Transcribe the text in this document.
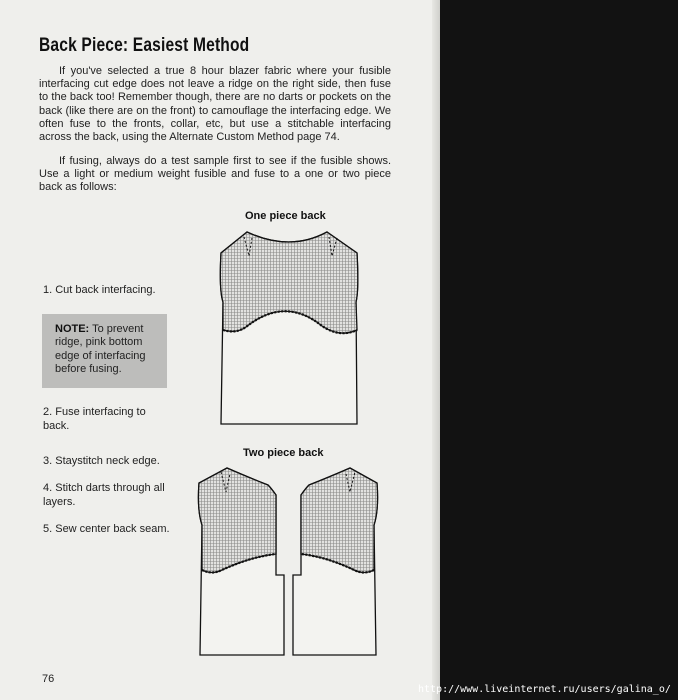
Back Piece: Easiest Method

If you've selected a true 8 hour blazer fabric where your fusible interfacing cut edge does not leave a ridge on the right side, then fuse to the back too! Remember though, there are no darts or pockets on the back (like there are on the front) to camouflage the interfacing edge. We often fuse to the fronts, collar, etc, but use a stitchable interfacing across the back, using the Alternate Custom Method page 74.

If fusing, always do a test sample first to see if the fusible shows. Use a light or medium weight fusible and fuse to a one or two piece back as follows:

One piece back
Two piece back

1. Cut back interfacing.

NOTE: To prevent ridge, pink bottom edge of interfacing before fusing.

2. Fuse interfacing to back.

3. Staystitch neck edge.

4. Stitch darts through all layers.

5. Sew center back seam.

76
http://www.liveinternet.ru/users/galina_o/
